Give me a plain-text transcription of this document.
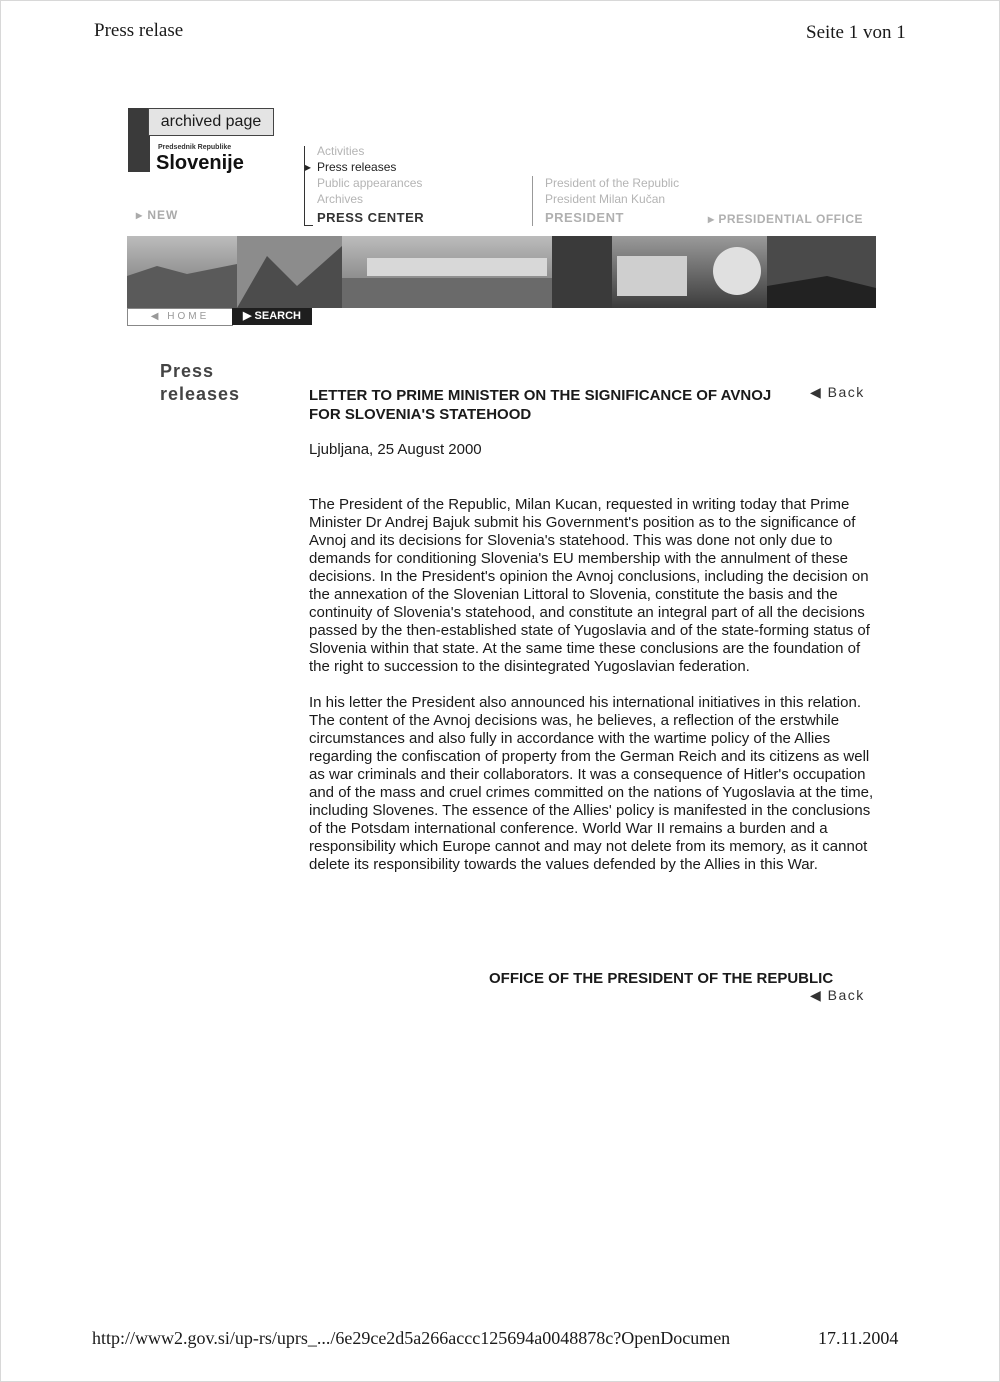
Press relase	Seite 1 von 1
archived page
Predsednik Republike
Slovenije
▸ NEW
Activities
▸ Press releases
Public appearances
Archives
PRESS CENTER
President of the Republic
President Milan Kučan
PRESIDENT	▸ PRESIDENTIAL OFFICE
◀ HOME	▶ SEARCH
Press
releases	LETTER TO PRIME MINISTER ON THE SIGNIFICANCE OF AVNOJ FOR SLOVENIA'S STATEHOOD
◀ Back
Ljubljana, 25 August 2000

The President of the Republic, Milan Kucan, requested in writing today that Prime Minister Dr Andrej Bajuk submit his Government's position as to the significance of Avnoj and its decisions for Slovenia's statehood. This was done not only due to demands for conditioning Slovenia's EU membership with the annulment of these decisions. In the President's opinion the Avnoj conclusions, including the decision on the annexation of the Slovenian Littoral to Slovenia, constitute the basis and the continuity of Slovenia's statehood, and constitute an integral part of all the decisions passed by the then-established state of Yugoslavia and of the state-forming status of Slovenia within that state. At the same time these conclusions are the foundation of the right to succession to the disintegrated Yugoslavian federation.

In his letter the President also announced his international initiatives in this relation. The content of the Avnoj decisions was, he believes, a reflection of the erstwhile circumstances and also fully in accordance with the wartime policy of the Allies regarding the confiscation of property from the German Reich and its citizens as well as war criminals and their collaborators. It was a consequence of Hitler's occupation and of the mass and cruel crimes committed on the nations of Yugoslavia at the time, including Slovenes. The essence of the Allies' policy is manifested in the conclusions of the Potsdam international conference. World War II remains a burden and a responsibility which Europe cannot and may not delete from its memory, as it cannot delete its responsibility towards the values defended by the Allies in this War.

OFFICE OF THE PRESIDENT OF THE REPUBLIC
◀ Back
http://www2.gov.si/up-rs/uprs_.../6e29ce2d5a266accc125694a0048878c?OpenDocumen	17.11.2004
